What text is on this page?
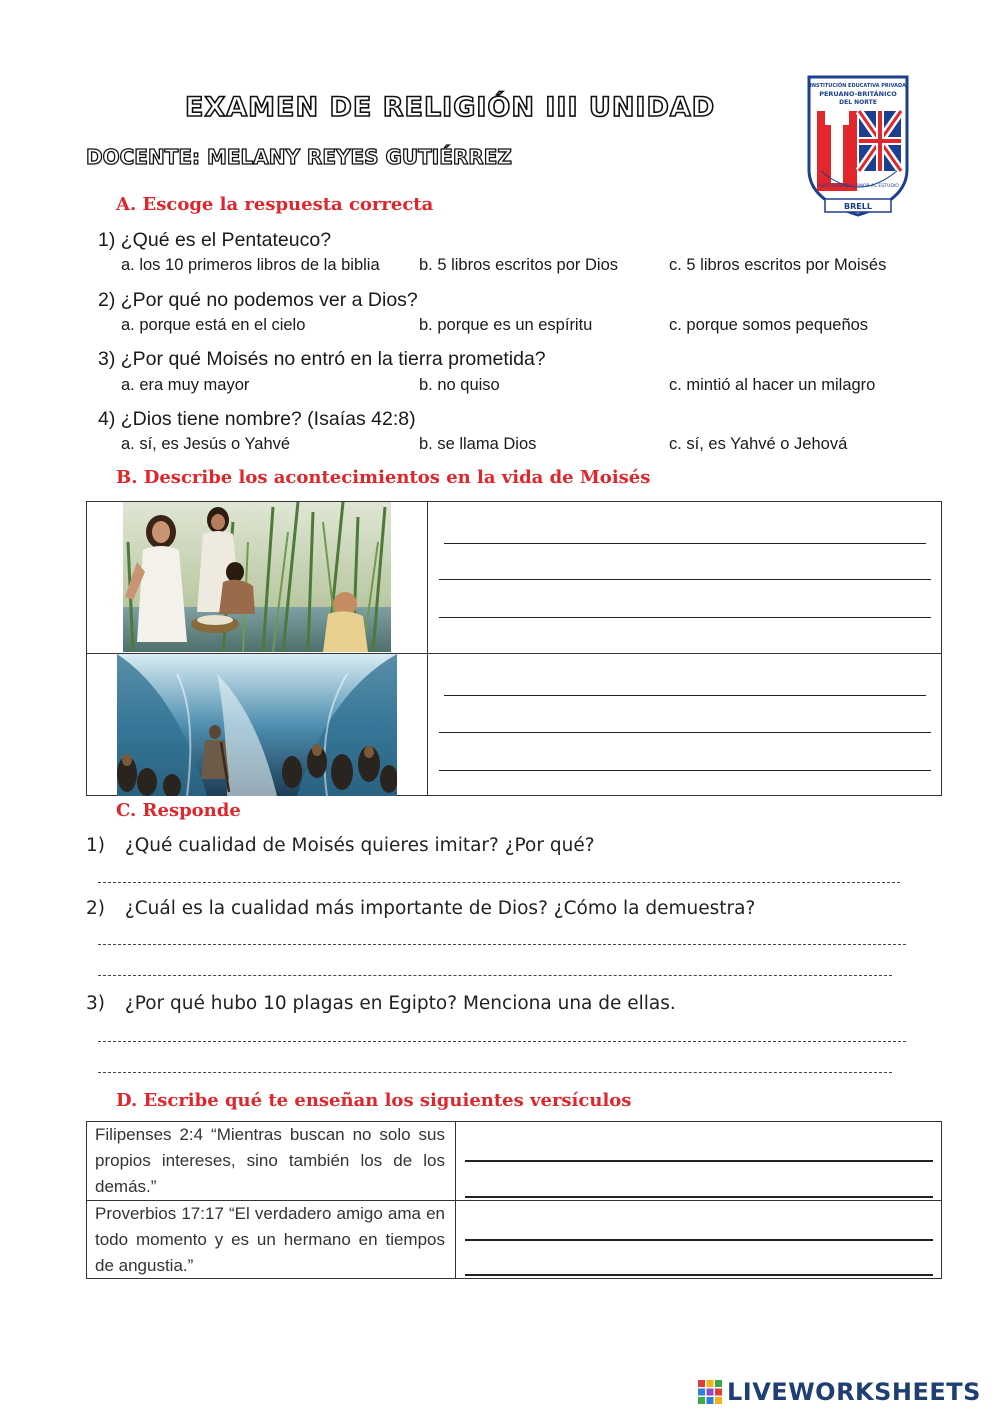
EXAMEN DE RELIGIÓN III UNIDAD
DOCENTE: MELANY REYES GUTIÉRREZ
INSTITUCIÓN EDUCATIVA PRIVADA
PERUANO-BRITÁNICO
DEL NORTE
PUNTUALIDAD Y AMOR AL ESTUDIO
BRELL
A. Escoge la respuesta correcta
1) ¿Qué es el Pentateuco?
a. los 10 primeros libros de la biblia b. 5 libros escritos por Dios	c. 5 libros escritos por Moisés
2) ¿Por qué no podemos ver a Dios?
a. porque está en el cielo	b. porque es un espíritu	c. porque somos pequeños
3) ¿Por qué Moisés no entró en la tierra prometida?
a. era muy mayor	b. no quiso	c. mintió al hacer un milagro
4) ¿Dios tiene nombre? (Isaías 42:8)
a. sí, es Jesús o Yahvé	b. se llama Dios	c. sí, es Yahvé o Jehová
B. Describe los acontecimientos en la vida de Moisés
C. Responde
1) ¿Qué cualidad de Moisés quieres imitar? ¿Por qué?
2) ¿Cuál es la cualidad más importante de Dios? ¿Cómo la demuestra?
3) ¿Por qué hubo 10 plagas en Egipto? Menciona una de ellas.
D. Escribe qué te enseñan los siguientes versículos
Filipenses 2:4 “Mientras buscan no solo sus propios intereses, sino también los de los demás.”
Proverbios 17:17 “El verdadero amigo ama en todo momento y es un hermano en tiempos de angustia.”
LIVEWORKSHEETS
